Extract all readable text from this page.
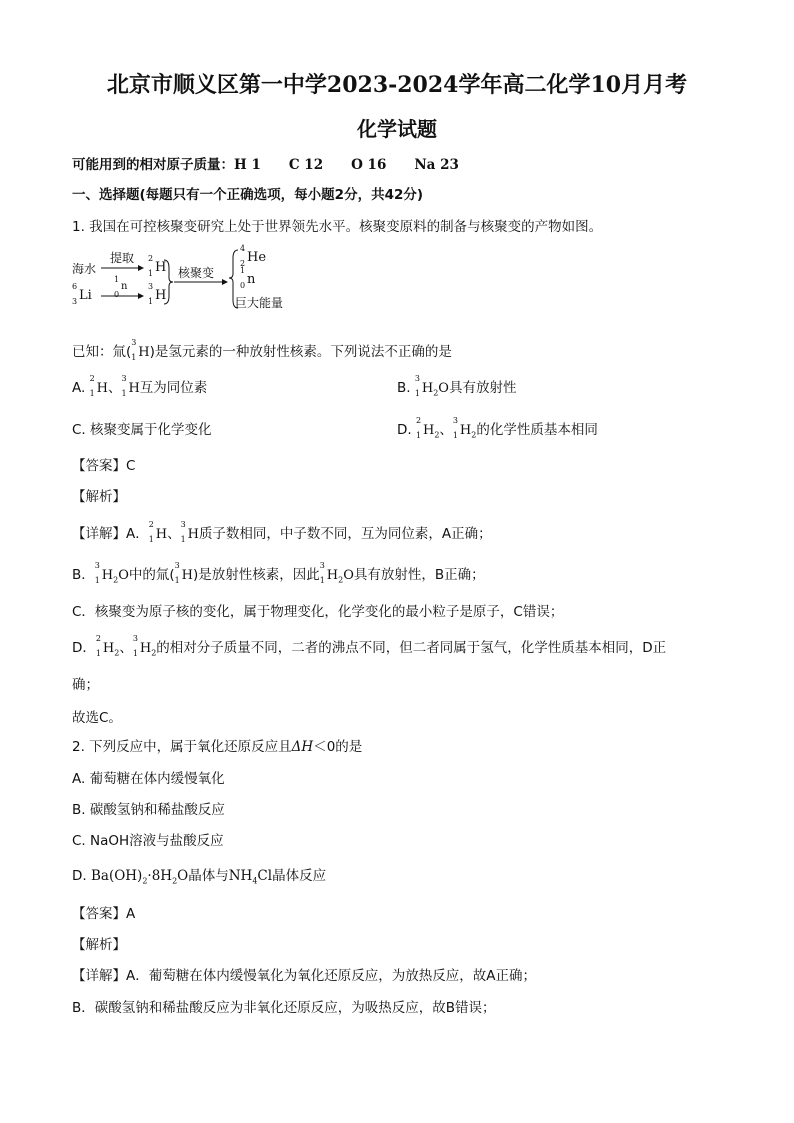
北京市顺义区第一中学2023-2024学年高二化学10月月考
化学试题
可能用到的相对原子质量：H 1 C 12 O 16 Na 23
一、选择题(每题只有一个正确选项，每小题2分，共42分)
1. 我国在可控核聚变研究上处于世界领先水平。核聚变原料的制备与核聚变的产物如图。
海水
提取 2
1 H
6
3 Li
1
0
n	3
1 H
核聚变
4
2 He
1
0 n
巨大能量
已知：氚(
3
1 H)是氢元素的一种放射性核素。下列说法不正确的是
A.
2
1 H、
3
1 H互为同位素	B.
3
1 $H_2O$具有放射性
C. 核聚变属于化学变化	D.
2
1 $H_2$、
3
1 $H_2$的化学性质基本相同
【答案】C
【解析】
【详解】A．
2
1 H、
3
1 H质子数相同，中子数不同，互为同位素，A正确；
B．
3
1 $H_2O$中的氚(
3
1 H)是放射性核素，因此
3
1 $H_2O$具有放射性，B正确；
C．核聚变为原子核的变化，属于物理变化，化学变化的最小粒子是原子，C错误；
D．
2
1 $H_2$、
3
1 $H_2$的相对分子质量不同，二者的沸点不同，但二者同属于氢气，化学性质基本相同，D正
确；
故选C。
2. 下列反应中，属于氧化还原反应且ΔH＜0的是
A. 葡萄糖在体内缓慢氧化
B. 碳酸氢钠和稀盐酸反应
C. NaOH溶液与盐酸反应
D. $Ba(OH)_2\cdot 8H_2O$晶体与$NH_4Cl$晶体反应
【答案】A
【解析】
【详解】A．葡萄糖在体内缓慢氧化为氧化还原反应，为放热反应，故A正确；
B．碳酸氢钠和稀盐酸反应为非氧化还原反应，为吸热反应，故B错误；
